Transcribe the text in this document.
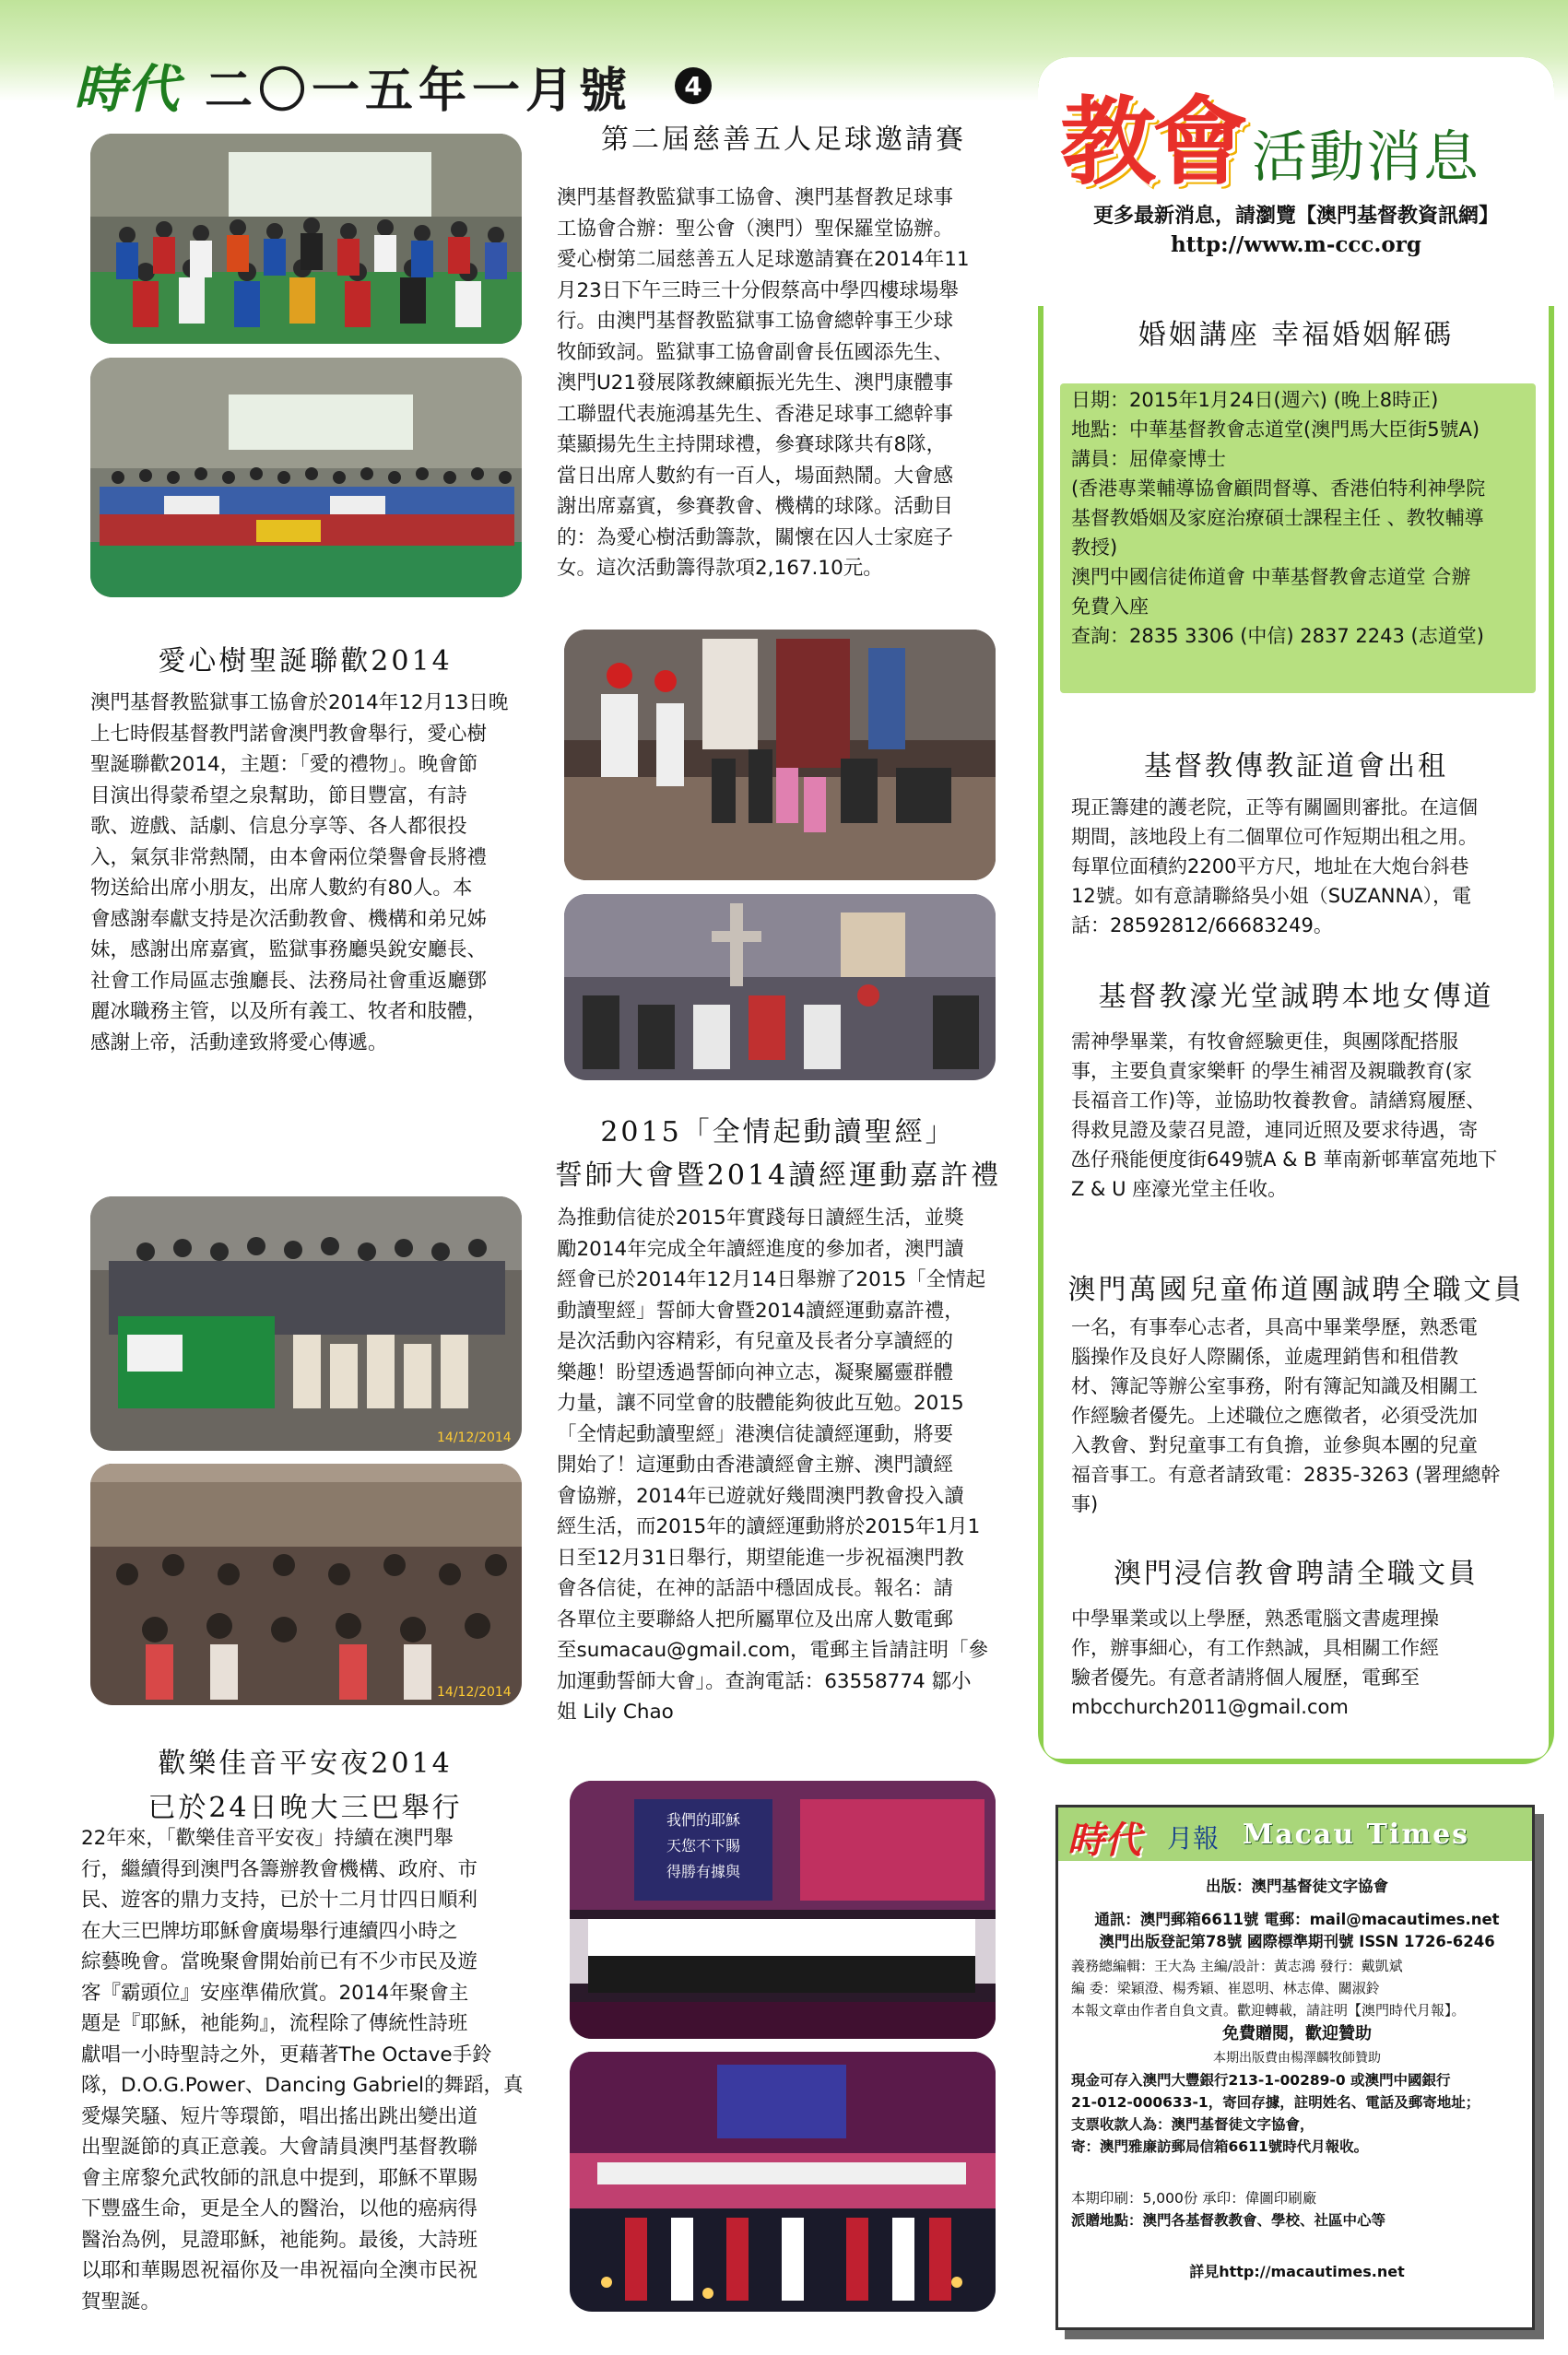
時代 二〇一五年一月號	4
第二屆慈善五人足球邀請賽
澳門基督教監獄事工協會、澳門基督教足球事
工協會合辦：聖公會（澳門）聖保羅堂協辦。
愛心樹第二屆慈善五人足球邀請賽在2014年11
月23日下午三時三十分假蔡高中學四樓球場舉
行。由澳門基督教監獄事工協會總幹事王少球
牧師致詞。監獄事工協會副會長伍國添先生、
澳門U21發展隊教練顧振光先生、澳門康體事
工聯盟代表施鴻基先生、香港足球事工總幹事
葉顯揚先生主持開球禮，參賽球隊共有8隊，
當日出席人數約有一百人，場面熱鬧。大會感
謝出席嘉賓，參賽教會、機構的球隊。活動目
的：為愛心樹活動籌款，關懷在囚人士家庭子
女。這次活動籌得款項2,167.10元。
愛心樹聖誕聯歡2014
澳門基督教監獄事工協會於2014年12月13日晚
上七時假基督教門諾會澳門教會舉行，愛心樹
聖誕聯歡2014，主題：「愛的禮物」。晚會節
目演出得蒙希望之泉幫助，節目豐富，有詩
歌、遊戲、話劇、信息分享等、各人都很投
入，氣氛非常熱鬧，由本會兩位榮譽會長將禮
物送給出席小朋友，出席人數約有80人。本
會感謝奉獻支持是次活動教會、機構和弟兄姊
妹，感謝出席嘉賓，監獄事務廳吳銳安廳長、
社會工作局區志強廳長、法務局社會重返廳鄧
麗冰職務主管，以及所有義工、牧者和肢體，
感謝上帝，活動達致將愛心傳遞。
2015「全情起動讀聖經」
誓師大會暨2014讀經運動嘉許禮
14/12/2014
14/12/2014
為推動信徒於2015年實踐每日讀經生活，並獎
勵2014年完成全年讀經進度的參加者，澳門讀
經會已於2014年12月14日舉辦了2015「全情起
動讀聖經」誓師大會暨2014讀經運動嘉許禮，
是次活動內容精彩，有兒童及長者分享讀經的
樂趣！盼望透過誓師向神立志，凝聚屬靈群體
力量，讓不同堂會的肢體能夠彼此互勉。2015
「全情起動讀聖經」港澳信徒讀經運動，將要
開始了！這運動由香港讀經會主辦、澳門讀經
會協辦，2014年已遊就好幾間澳門教會投入讀
經生活，而2015年的讀經運動將於2015年1月1
日至12月31日舉行，期望能進一步祝福澳門教
會各信徒，在神的話語中穩固成長。報名：請
各單位主要聯絡人把所屬單位及出席人數電郵
至sumacau@gmail.com，電郵主旨請註明「參
加運動誓師大會」。查詢電話：63558774 鄒小
姐 Lily Chao
歡樂佳音平安夜2014
已於24日晚大三巴舉行
22年來，「歡樂佳音平安夜」持續在澳門舉
行，繼續得到澳門各籌辦教會機構、政府、市
民、遊客的鼎力支持，已於十二月廿四日順利
在大三巴牌坊耶穌會廣場舉行連續四小時之
綜藝晚會。當晚聚會開始前已有不少市民及遊
客『霸頭位』安座準備欣賞。2014年聚會主
題是『耶穌，祂能夠』，流程除了傳統性詩班
獻唱一小時聖詩之外，更藉著The Octave手鈴
隊，D.O.G.Power、Dancing Gabriel的舞蹈，真
愛爆笑騷、短片等環節，唱出搖出跳出變出道
出聖誕節的真正意義。大會請員澳門基督教聯
會主席黎允武牧師的訊息中提到，耶穌不單賜
下豐盛生命，更是全人的醫治，以他的癌病得
醫治為例，見證耶穌，祂能夠。最後，大詩班
以耶和華賜恩祝福你及一串祝福向全澳市民祝
賀聖誕。
我們的耶穌
天您不下賜
得勝有據與
教會 活動消息
更多最新消息，請瀏覽【澳門基督教資訊網】
http://www.m-ccc.org
婚姻講座 幸福婚姻解碼
日期：2015年1月24日(週六) (晚上8時正)
地點：中華基督教會志道堂(澳門馬大臣街5號A)
講員：屈偉豪博士
(香港專業輔導協會顧問督導、香港伯特利神學院
基督教婚姻及家庭治療碩士課程主任 、教牧輔導
教授)
澳門中國信徒佈道會 中華基督教會志道堂 合辦
免費入座
查詢：2835 3306 (中信) 2837 2243 (志道堂)
基督教傳教証道會出租
現正籌建的護老院，正等有關圖則審批。在這個
期間，該地段上有二個單位可作短期出租之用。
每單位面積約2200平方尺，地址在大炮台斜巷
12號。如有意請聯絡吳小姐（SUZANNA），電
話：28592812/66683249。
基督教濠光堂誠聘本地女傳道
需神學畢業，有牧會經驗更佳，與團隊配搭服
事，主要負責家樂軒 的學生補習及親職教育(家
長福音工作)等，並協助牧養教會。請繕寫履歷、
得救見證及蒙召見證，連同近照及要求待遇，寄
氹仔飛能便度街649號A & B 華南新邨華富苑地下
Z & U 座濠光堂主任收。
澳門萬國兒童佈道團誠聘全職文員
一名，有事奉心志者，具高中畢業學歷，熟悉電
腦操作及良好人際關係，並處理銷售和租借教
材、簿記等辦公室事務，附有簿記知識及相關工
作經驗者優先。上述職位之應徵者，必須受洗加
入教會、對兒童事工有負擔，並參與本團的兒童
福音事工。有意者請致電：2835-3263 (署理總幹
事)
澳門浸信教會聘請全職文員
中學畢業或以上學歷，熟悉電腦文書處理操
作，辦事細心，有工作熱誠，具相關工作經
驗者優先。有意者請將個人履歷，電郵至
mbcchurch2011@gmail.com
時代 月報 Macau Times
出版：澳門基督徒文字協會
通訊：澳門郵箱6611號 電郵：mail@macautimes.net
澳門出版登記第78號 國際標準期刊號 ISSN 1726-6246
義務總編輯：王大為 主編/設計：黃志鴻 發行：戴凱斌
編 委：梁穎澄、楊秀穎、崔恩明、林志偉、關淑鈴
本報文章由作者自負文責。歡迎轉載，請註明【澳門時代月報】。
免費贈閱，歡迎贊助
本期出版費由楊澤麟牧師贊助
現金可存入澳門大豐銀行213-1-00289-0 或澳門中國銀行
21-012-000633-1，寄回存據，註明姓名、電話及郵寄地址；
支票收款人為：澳門基督徒文字協會，
寄：澳門雅廉訪郵局信箱6611號時代月報收。
本期印刷：5,000份 承印：偉圖印刷廠
派贈地點：澳門各基督教教會、學校、社區中心等
詳見http://macautimes.net
